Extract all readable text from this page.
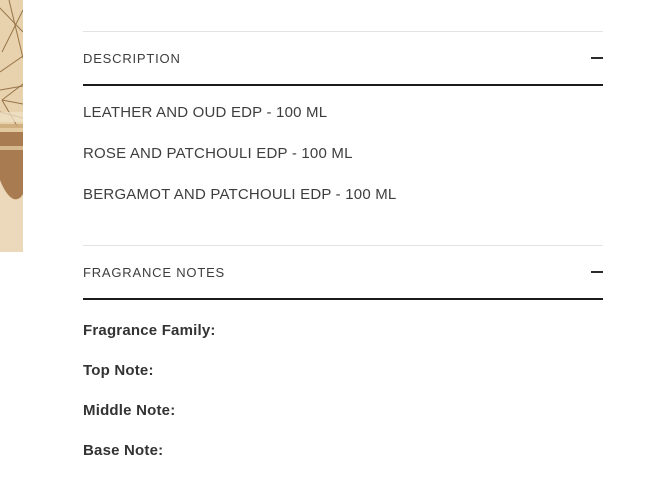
DESCRIPTION
LEATHER AND OUD EDP - 100 ML
ROSE AND PATCHOULI EDP - 100 ML
BERGAMOT AND PATCHOULI EDP - 100 ML
FRAGRANCE NOTES
Fragrance Family:
Top Note:
Middle Note:
Base Note:
